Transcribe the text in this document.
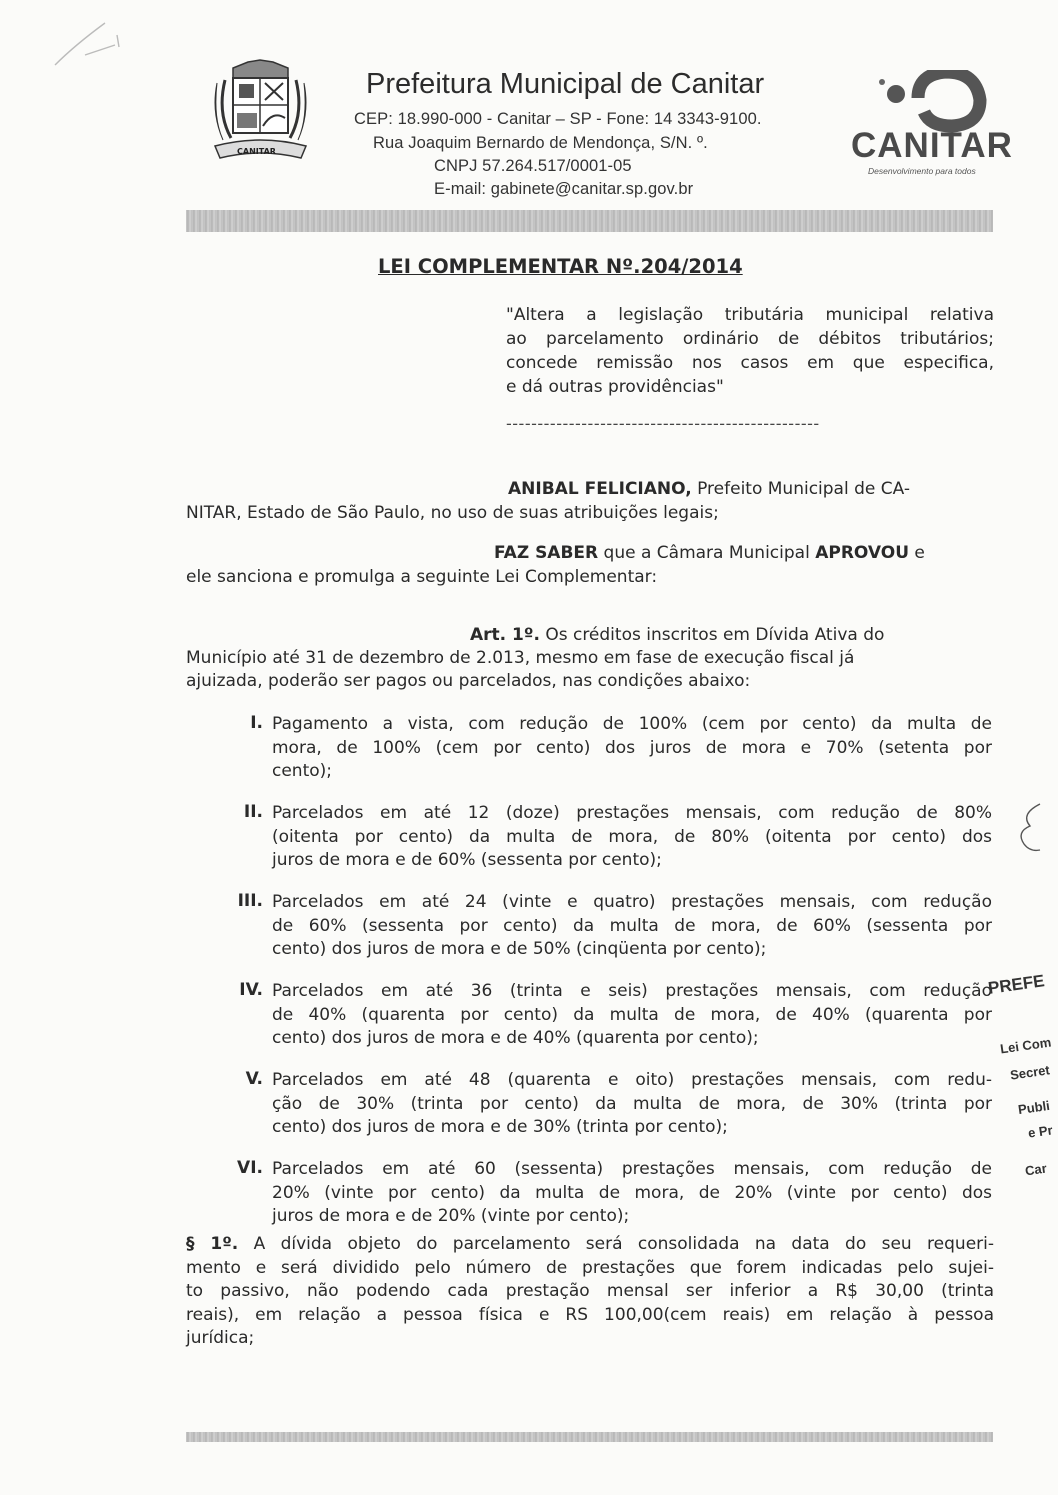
CANITAR
Prefeitura Municipal de Canitar
CEP: 18.990-000 - Canitar – SP - Fone: 14 3343-9100.
Rua Joaquim Bernardo de Mendonça, S/N. º.
CNPJ 57.264.517/0001-05
E-mail: gabinete@canitar.sp.gov.br
CANITAR
Desenvolvimento para todos
LEI COMPLEMENTAR Nº.204/2014
"Altera a legislação tributária municipal relativa
ao parcelamento ordinário de débitos tributários;
concede remissão nos casos em que especifica,
e dá outras providências"
--------------------------------------------------
ANIBAL FELICIANO, Prefeito Municipal de CA-
NITAR, Estado de São Paulo, no uso de suas atribuições legais;
FAZ SABER que a Câmara Municipal APROVOU e
ele sanciona e promulga a seguinte Lei Complementar:
Art. 1º. Os créditos inscritos em Dívida Ativa do
Município até 31 de dezembro de 2.013, mesmo em fase de execução fiscal já
ajuizada, poderão ser pagos ou parcelados, nas condições abaixo:
I. Pagamento a vista, com redução de 100% (cem por cento) da multa de
mora, de 100% (cem por cento) dos juros de mora e 70% (setenta por
cento);
II. Parcelados em até 12 (doze) prestações mensais, com redução de 80%
(oitenta por cento) da multa de mora, de 80% (oitenta por cento) dos
juros de mora e de 60% (sessenta por cento);
III. Parcelados em até 24 (vinte e quatro) prestações mensais, com redução
de 60% (sessenta por cento) da multa de mora, de 60% (sessenta por
cento) dos juros de mora e de 50% (cinqüenta por cento);
IV. Parcelados em até 36 (trinta e seis) prestações mensais, com redução
de 40% (quarenta por cento) da multa de mora, de 40% (quarenta por
cento) dos juros de mora e de 40% (quarenta por cento);
V. Parcelados em até 48 (quarenta e oito) prestações mensais, com redu-
ção de 30% (trinta por cento) da multa de mora, de 30% (trinta por
cento) dos juros de mora e de 30% (trinta por cento);
VI. Parcelados em até 60 (sessenta) prestações mensais, com redução de
20% (vinte por cento) da multa de mora, de 20% (vinte por cento) dos
juros de mora e de 20% (vinte por cento);
§ 1º. A dívida objeto do parcelamento será consolidada na data do seu requeri-
mento e será dividido pelo número de prestações que forem indicadas pelo sujei-
to passivo, não podendo cada prestação mensal ser inferior a R$ 30,00 (trinta
reais), em relação a pessoa física e RS 100,00(cem reais) em relação à pessoa
jurídica;
PREFE
Lei Com
Secret
Publi
e Pr
Car
